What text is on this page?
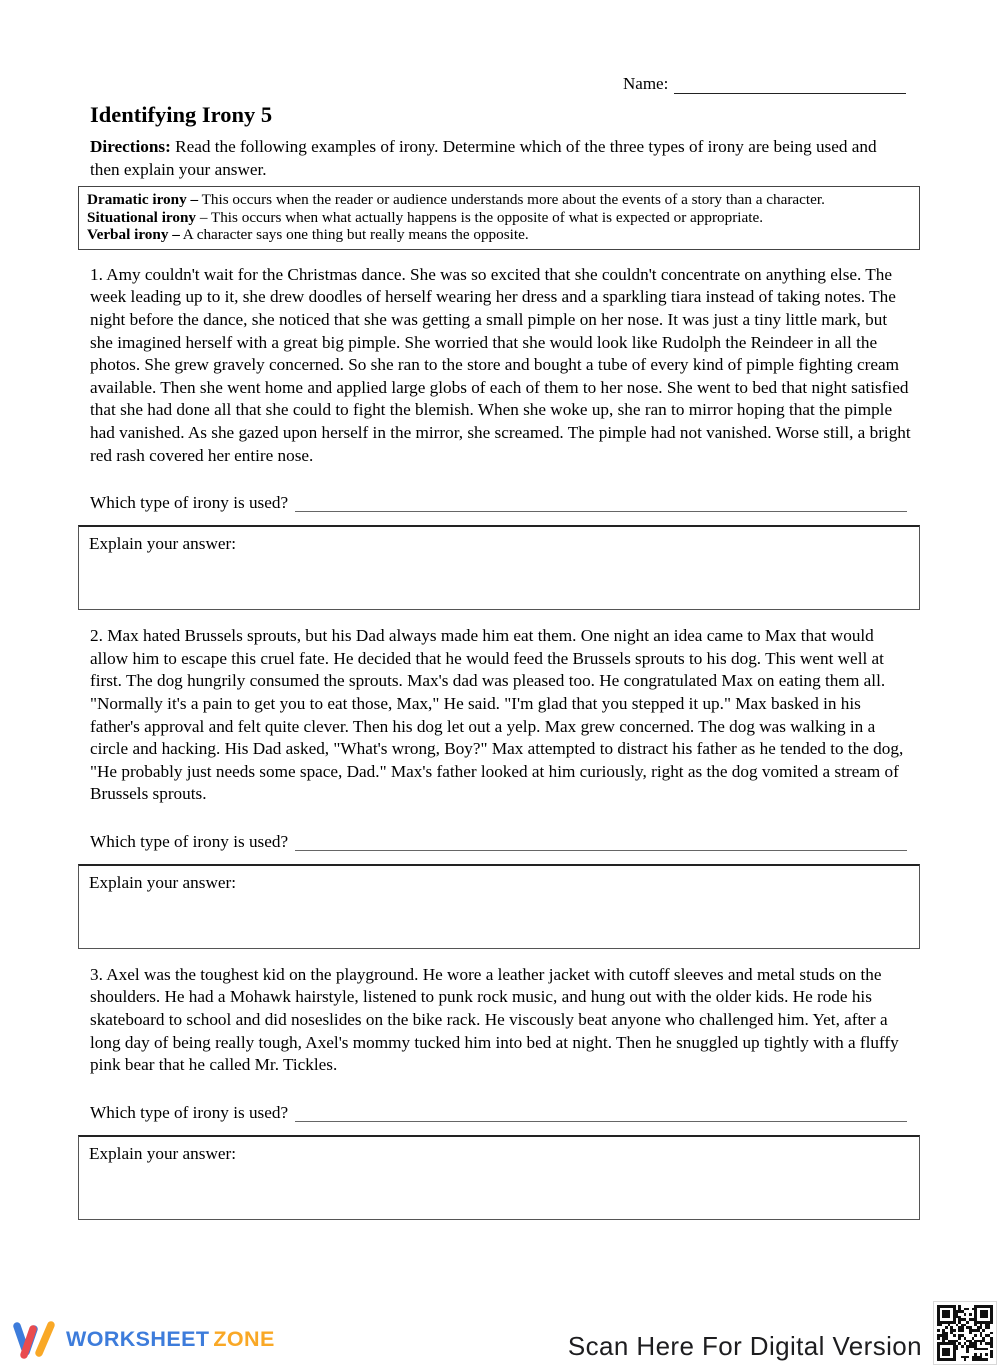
Name:
Identifying Irony 5

Directions: Read the following examples of irony. Determine which of the three types of irony are being used and then explain your answer.

Dramatic irony – This occurs when the reader or audience understands more about the events of a story than a character.
Situational irony – This occurs when what actually happens is the opposite of what is expected or appropriate.
Verbal irony – A character says one thing but really means the opposite.

1. Amy couldn't wait for the Christmas dance. She was so excited that she couldn't concentrate on anything else. The week leading up to it, she drew doodles of herself wearing her dress and a sparkling tiara instead of taking notes. The night before the dance, she noticed that she was getting a small pimple on her nose. It was just a tiny little mark, but she imagined herself with a great big pimple. She worried that she would look like Rudolph the Reindeer in all the photos. She grew gravely concerned. So she ran to the store and bought a tube of every kind of pimple fighting cream available. Then she went home and applied large globs of each of them to her nose. She went to bed that night satisfied that she had done all that she could to fight the blemish. When she woke up, she ran to mirror hoping that the pimple had vanished. As she gazed upon herself in the mirror, she screamed. The pimple had not vanished. Worse still, a bright red rash covered her entire nose.

Which type of irony is used?
Explain your answer:

2. Max hated Brussels sprouts, but his Dad always made him eat them. One night an idea came to Max that would allow him to escape this cruel fate. He decided that he would feed the Brussels sprouts to his dog. This went well at first. The dog hungrily consumed the sprouts. Max's dad was pleased too. He congratulated Max on eating them all. "Normally it's a pain to get you to eat those, Max," He said. "I'm glad that you stepped it up." Max basked in his father's approval and felt quite clever. Then his dog let out a yelp. Max grew concerned. The dog was walking in a circle and hacking. His Dad asked, "What's wrong, Boy?" Max attempted to distract his father as he tended to the dog, "He probably just needs some space, Dad." Max's father looked at him curiously, right as the dog vomited a stream of Brussels sprouts.

Which type of irony is used?
Explain your answer:

3. Axel was the toughest kid on the playground. He wore a leather jacket with cutoff sleeves and metal studs on the shoulders. He had a Mohawk hairstyle, listened to punk rock music, and hung out with the older kids. He rode his skateboard to school and did noseslides on the bike rack. He viscously beat anyone who challenged him. Yet, after a long day of being really tough, Axel's mommy tucked him into bed at night. Then he snuggled up tightly with a fluffy pink bear that he called Mr. Tickles.

Which type of irony is used?
Explain your answer:
WORKSHEET ZONE	Scan Here For Digital Version
